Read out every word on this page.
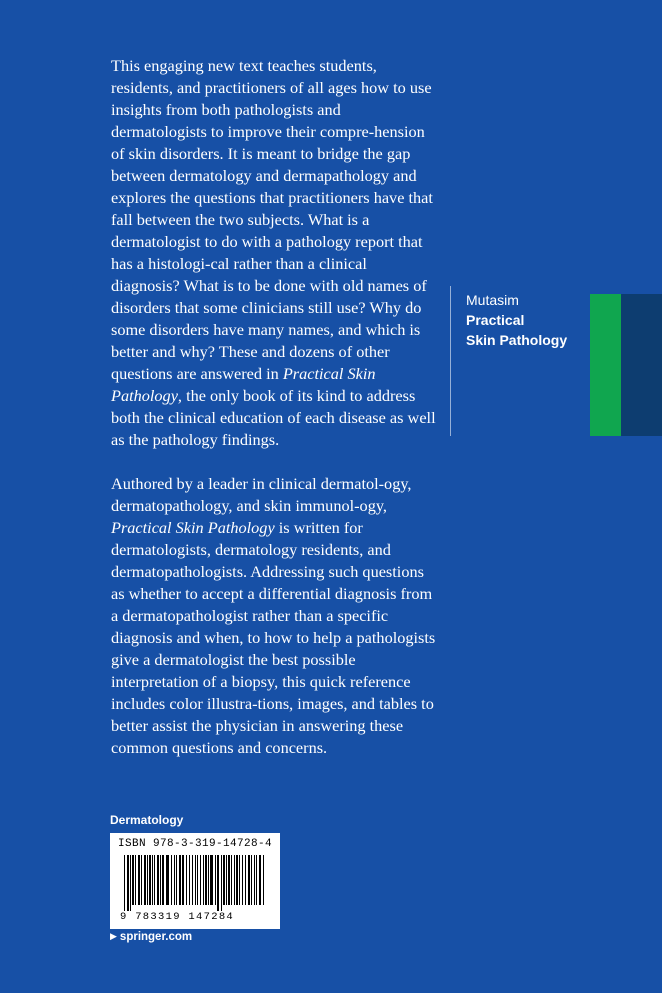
This engaging new text teaches students, residents, and practitioners of all ages how to use insights from both pathologists and dermatologists to improve their compre-hension of skin disorders. It is meant to bridge the gap between dermatology and dermapathology and explores the questions that practitioners have that fall between the two subjects. What is a dermatologist to do with a pathology report that has a histologi-cal rather than a clinical diagnosis? What is to be done with old names of disorders that some clinicians still use? Why do some disorders have many names, and which is better and why? These and dozens of other questions are answered in Practical Skin Pathology, the only book of its kind to address both the clinical education of each disease as well as the pathology findings.

Authored by a leader in clinical dermatol-ogy, dermatopathology, and skin immunol-ogy, Practical Skin Pathology is written for dermatologists, dermatology residents, and dermatopathologists. Addressing such questions as whether to accept a differential diagnosis from a dermatopathologist rather than a specific diagnosis and when, to how to help a pathologists give a dermatologist the best possible interpretation of a biopsy, this quick reference includes color illustra-tions, images, and tables to better assist the physician in answering these common questions and concerns.

Mutasim
Practical
Skin Pathology
Dermatology
ISBN 978-3-319-14728-4
9 783319 147284
▶ springer.com
